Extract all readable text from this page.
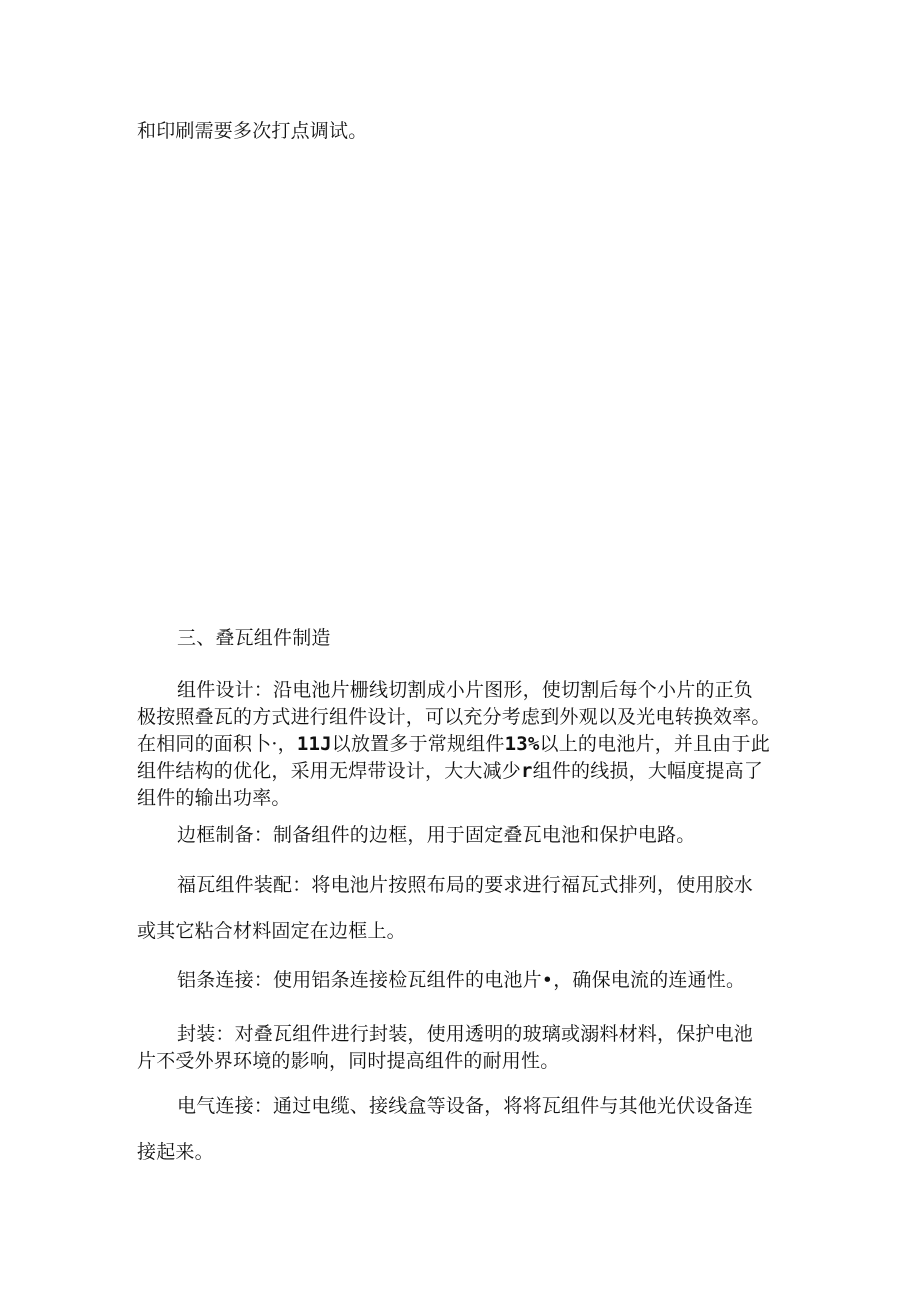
和印刷需要多次打点调试。

三、叠瓦组件制造

组件设计：沿电池片栅线切割成小片图形，使切割后每个小片的正负
极按照叠瓦的方式进行组件设计，可以充分考虑到外观以及光电转换效率。
在相同的面积卜·，11J以放置多于常规组件13%以上的电池片，并且由于此
组件结构的优化，采用无焊带设计，大大减少r组件的线损，大幅度提高了
组件的输出功率。

边框制备：制备组件的边框，用于固定叠瓦电池和保护电路。

福瓦组件装配：将电池片按照布局的要求进行福瓦式排列，使用胶水
或其它粘合材料固定在边框上。

铝条连接：使用铝条连接检瓦组件的电池片•，确保电流的连通性。

封装：对叠瓦组件进行封装，使用透明的玻璃或溺料材料，保护电池
片不受外界环境的影响，同时提高组件的耐用性。

电气连接：通过电缆、接线盒等设备，将将瓦组件与其他光伏设备连
接起来。
